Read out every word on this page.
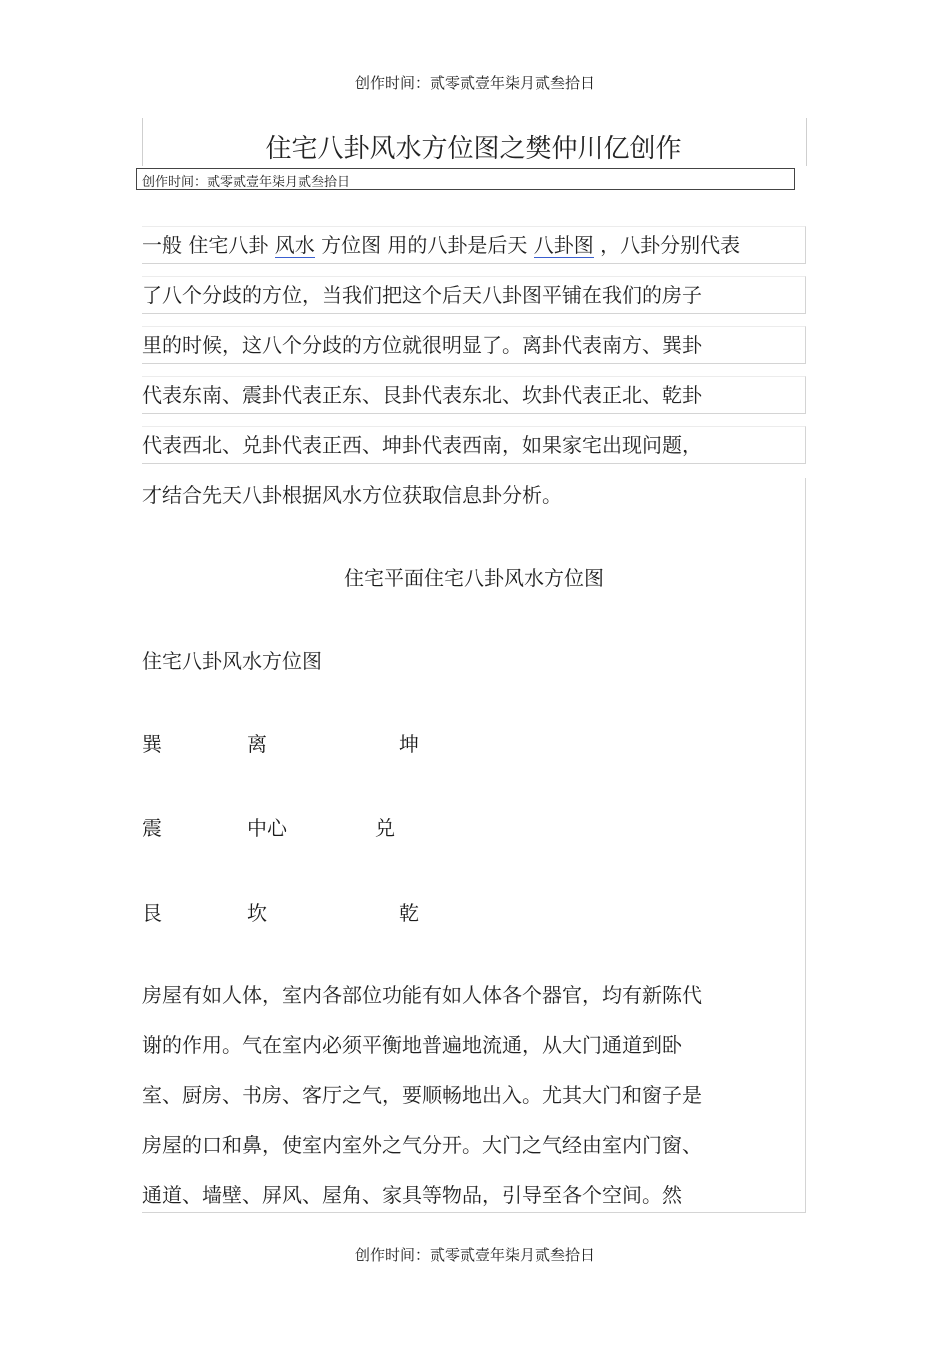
创作时间：贰零贰壹年柒月贰叁拾日
住宅八卦风水方位图之樊仲川亿创作
创作时间：贰零贰壹年柒月贰叁拾日
一般 住宅八卦 风水 方位图 用的八卦是后天 八卦图 ，八卦分别代表
了八个分歧的方位，当我们把这个后天八卦图平铺在我们的房子
里的时候，这八个分歧的方位就很明显了。离卦代表南方、巽卦
代表东南、震卦代表正东、艮卦代表东北、坎卦代表正北、乾卦
代表西北、兑卦代表正西、坤卦代表西南，如果家宅出现问题，
才结合先天八卦根据风水方位获取信息卦分析。
住宅平面住宅八卦风水方位图
住宅八卦风水方位图
巽	离	坤
震	中心	兑
艮	坎	乾
房屋有如人体，室内各部位功能有如人体各个器官，均有新陈代
谢的作用。气在室内必须平衡地普遍地流通，从大门通道到卧
室、厨房、书房、客厅之气，要顺畅地出入。尤其大门和窗子是
房屋的口和鼻，使室内室外之气分开。大门之气经由室内门窗、
通道、墙壁、屏风、屋角、家具等物品，引导至各个空间。然
创作时间：贰零贰壹年柒月贰叁拾日
